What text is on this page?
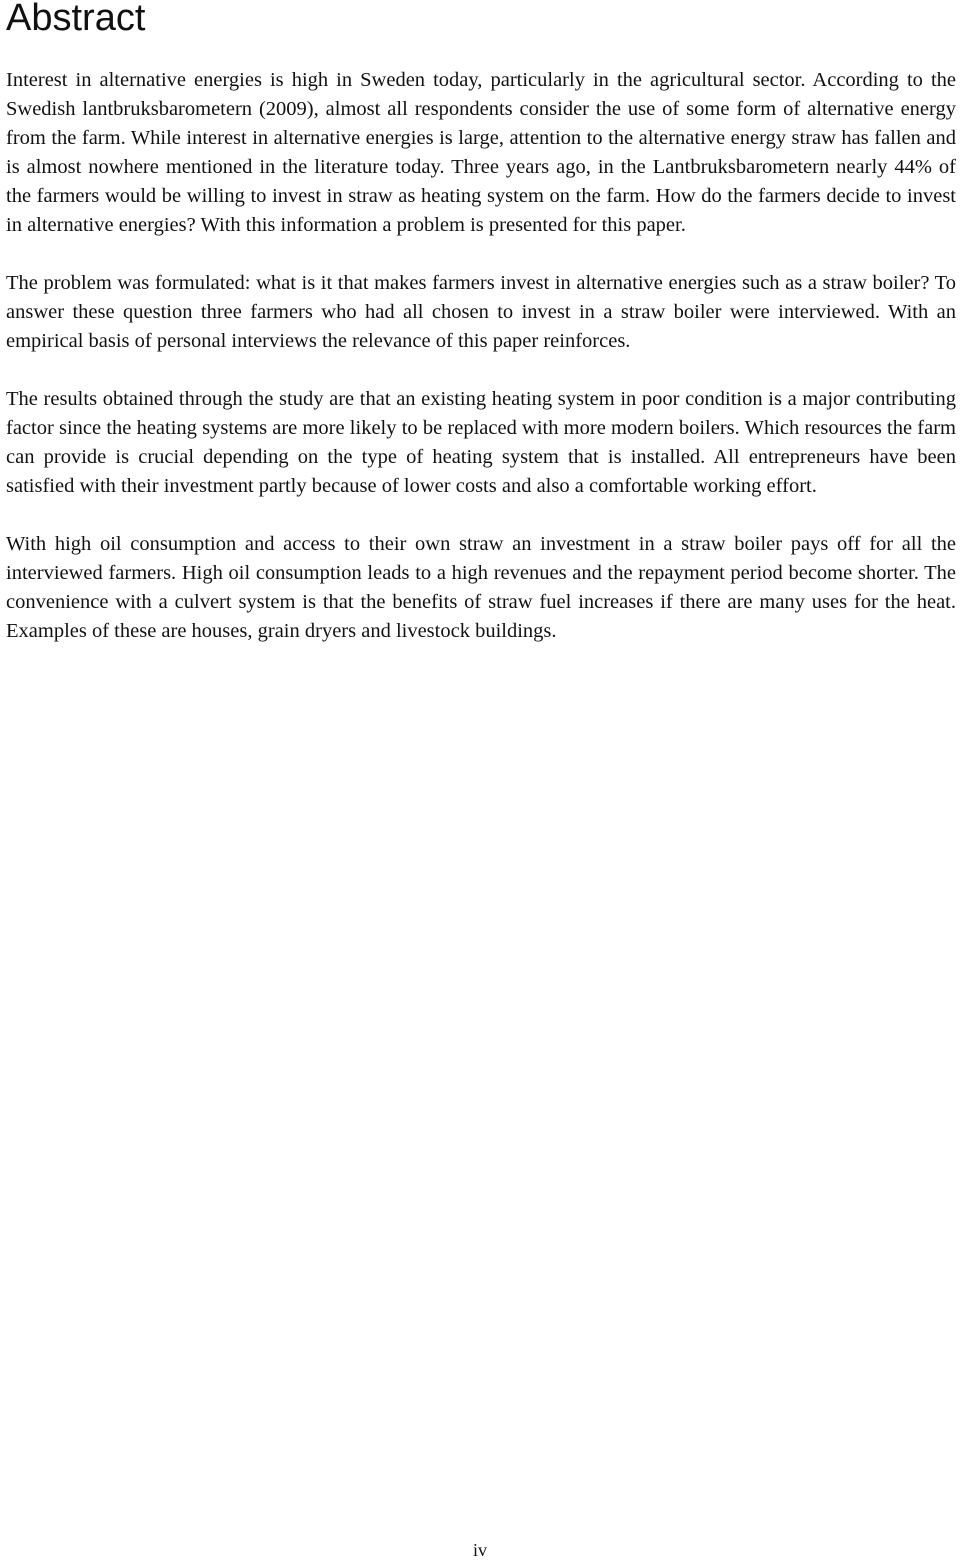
Abstract

Interest in alternative energies is high in Sweden today, particularly in the agricultural sector. According to the Swedish lantbruksbarometern (2009), almost all respondents consider the use of some form of alternative energy from the farm. While interest in alternative energies is large, attention to the alternative energy straw has fallen and is almost nowhere mentioned in the literature today. Three years ago, in the Lantbruksbarometern nearly 44% of the farmers would be willing to invest in straw as heating system on the farm. How do the farmers decide to invest in alternative energies? With this information a problem is presented for this paper.

The problem was formulated: what is it that makes farmers invest in alternative energies such as a straw boiler? To answer these question three farmers who had all chosen to invest in a straw boiler were interviewed. With an empirical basis of personal interviews the relevance of this paper reinforces.

The results obtained through the study are that an existing heating system in poor condition is a major contributing factor since the heating systems are more likely to be replaced with more modern boilers. Which resources the farm can provide is crucial depending on the type of heating system that is installed. All entrepreneurs have been satisfied with their investment partly because of lower costs and also a comfortable working effort.

With high oil consumption and access to their own straw an investment in a straw boiler pays off for all the interviewed farmers. High oil consumption leads to a high revenues and the repayment period become shorter. The convenience with a culvert system is that the benefits of straw fuel increases if there are many uses for the heat. Examples of these are houses, grain dryers and livestock buildings.

iv
